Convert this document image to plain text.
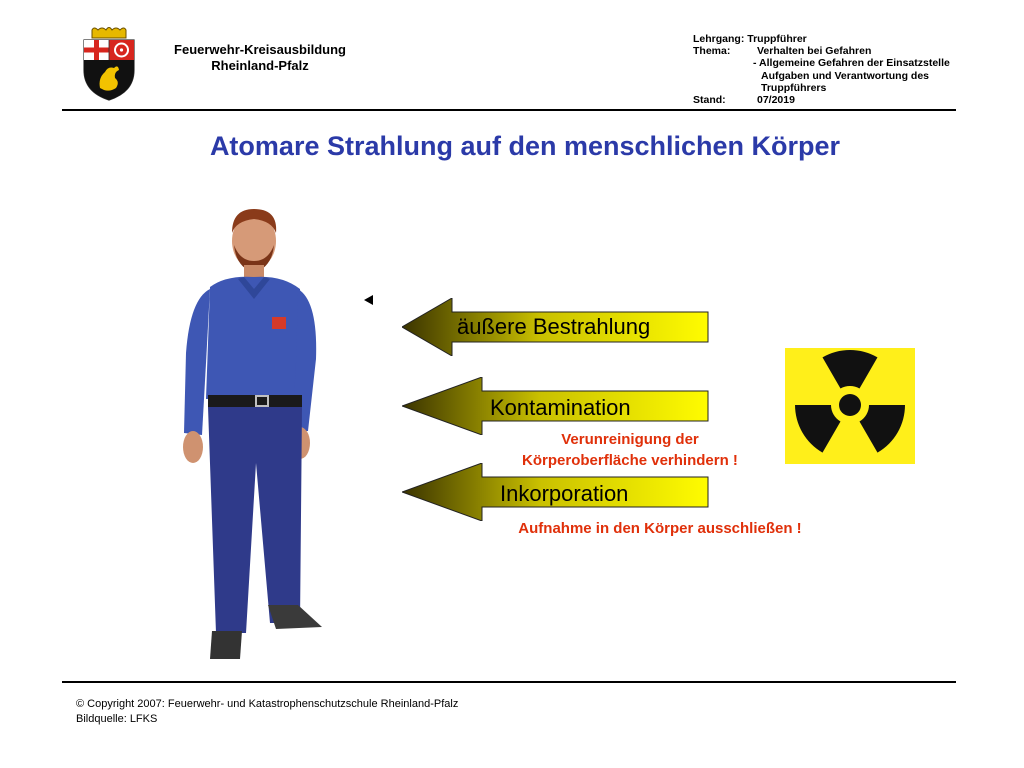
Feuerwehr-Kreisausbildung
Rheinland-Pfalz
Lehrgang: Truppführer
Thema:	Verhalten bei Gefahren
- Allgemeine Gefahren der Einsatzstelle
Aufgaben und Verantwortung des
Truppführers
Stand:	07/2019
Atomare Strahlung auf den menschlichen Körper
äußere Bestrahlung
Kontamination
Verunreinigung der
Körperoberfläche verhindern !
Inkorporation
Aufnahme in den Körper ausschließen !
© Copyright 2007: Feuerwehr- und Katastrophenschutzschule Rheinland-Pfalz
Bildquelle: LFKS
